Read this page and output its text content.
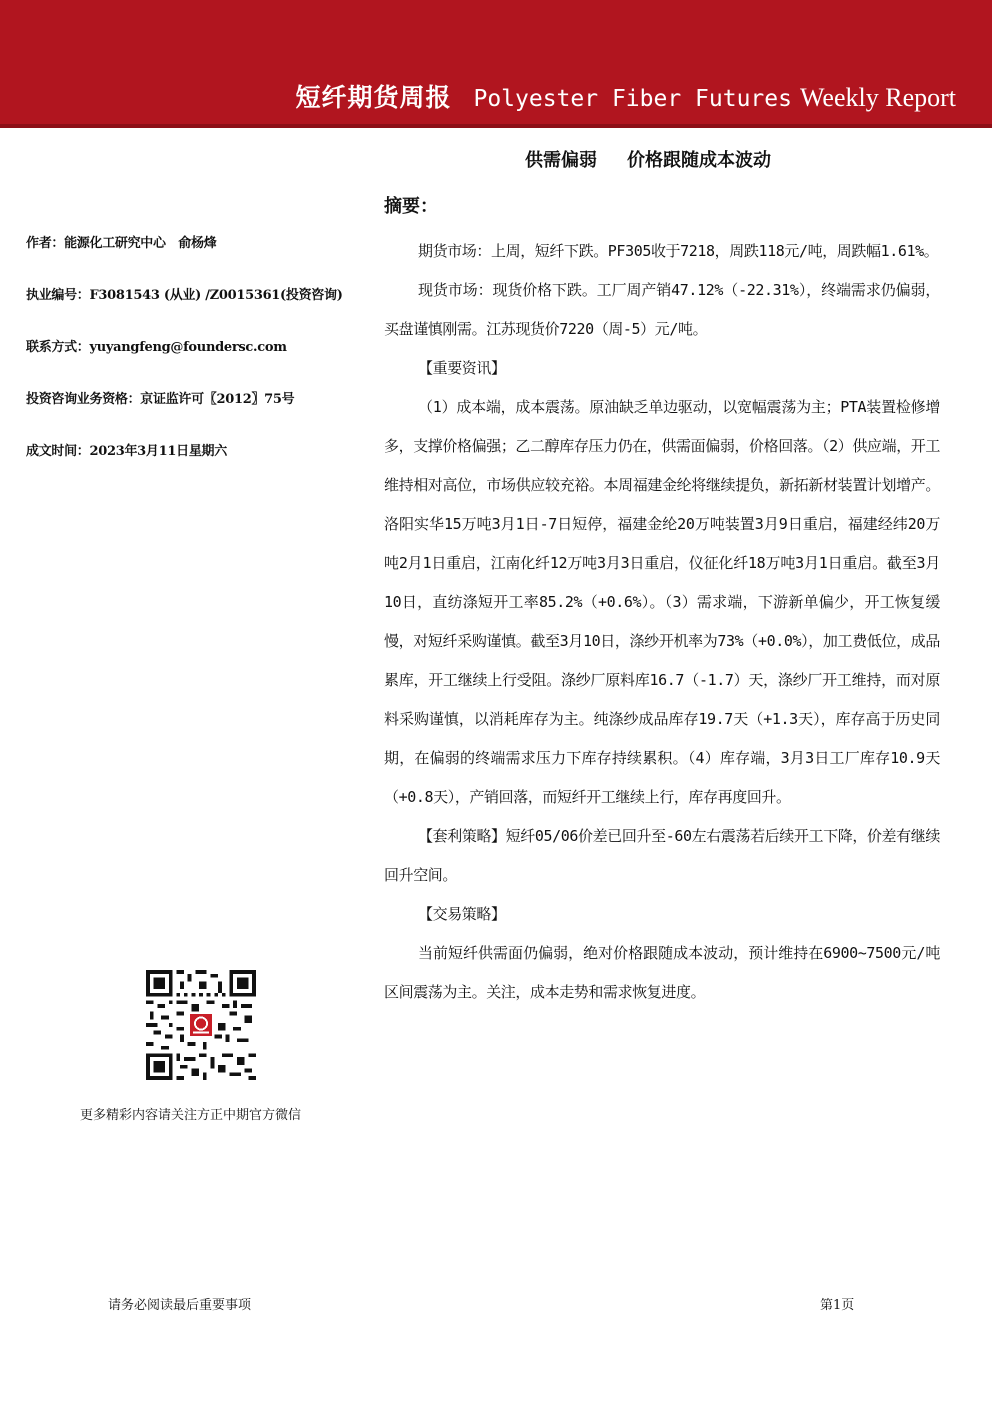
短纤期货周报 Polyester Fiber Futures Weekly Report
供需偏弱 价格跟随成本波动
摘要：
作者：能源化工研究中心　俞杨烽
执业编号：F3081543 (从业) /Z0015361(投资咨询)
联系方式：yuyangfeng@foundersc.com
投资咨询业务资格：京证监许可〖2012〗75号
成文时间：2023年3月11日星期六
更多精彩内容请关注方正中期官方微信

期货市场：上周，短纤下跌。PF305收于7218，周跌118元/吨，周跌幅1.61%。

现货市场：现货价格下跌。工厂周产销47.12%（-22.31%），终端需求仍偏弱，买盘谨慎刚需。江苏现货价7220（周-5）元/吨。

【重要资讯】

（1）成本端，成本震荡。原油缺乏单边驱动，以宽幅震荡为主；PTA装置检修增多，支撑价格偏强；乙二醇库存压力仍在，供需面偏弱，价格回落。（2）供应端，开工维持相对高位，市场供应较充裕。本周福建金纶将继续提负，新拓新材装置计划增产。洛阳实华15万吨3月1日-7日短停，福建金纶20万吨装置3月9日重启，福建经纬20万吨2月1日重启，江南化纤12万吨3月3日重启，仪征化纤18万吨3月1日重启。截至3月10日，直纺涤短开工率85.2%（+0.6%）。（3）需求端，下游新单偏少，开工恢复缓慢，对短纤采购谨慎。截至3月10日，涤纱开机率为73%（+0.0%），加工费低位，成品累库，开工继续上行受阻。涤纱厂原料库16.7（-1.7）天，涤纱厂开工维持，而对原料采购谨慎，以消耗库存为主。纯涤纱成品库存19.7天（+1.3天），库存高于历史同期，在偏弱的终端需求压力下库存持续累积。（4）库存端，3月3日工厂库存10.9天（+0.8天），产销回落，而短纤开工继续上行，库存再度回升。

【套利策略】短纤05/06价差已回升至-60左右震荡若后续开工下降，价差有继续回升空间。

【交易策略】

当前短纤供需面仍偏弱，绝对价格跟随成本波动，预计维持在6900~7500元/吨区间震荡为主。关注，成本走势和需求恢复进度。

请务必阅读最后重要事项	第1页
